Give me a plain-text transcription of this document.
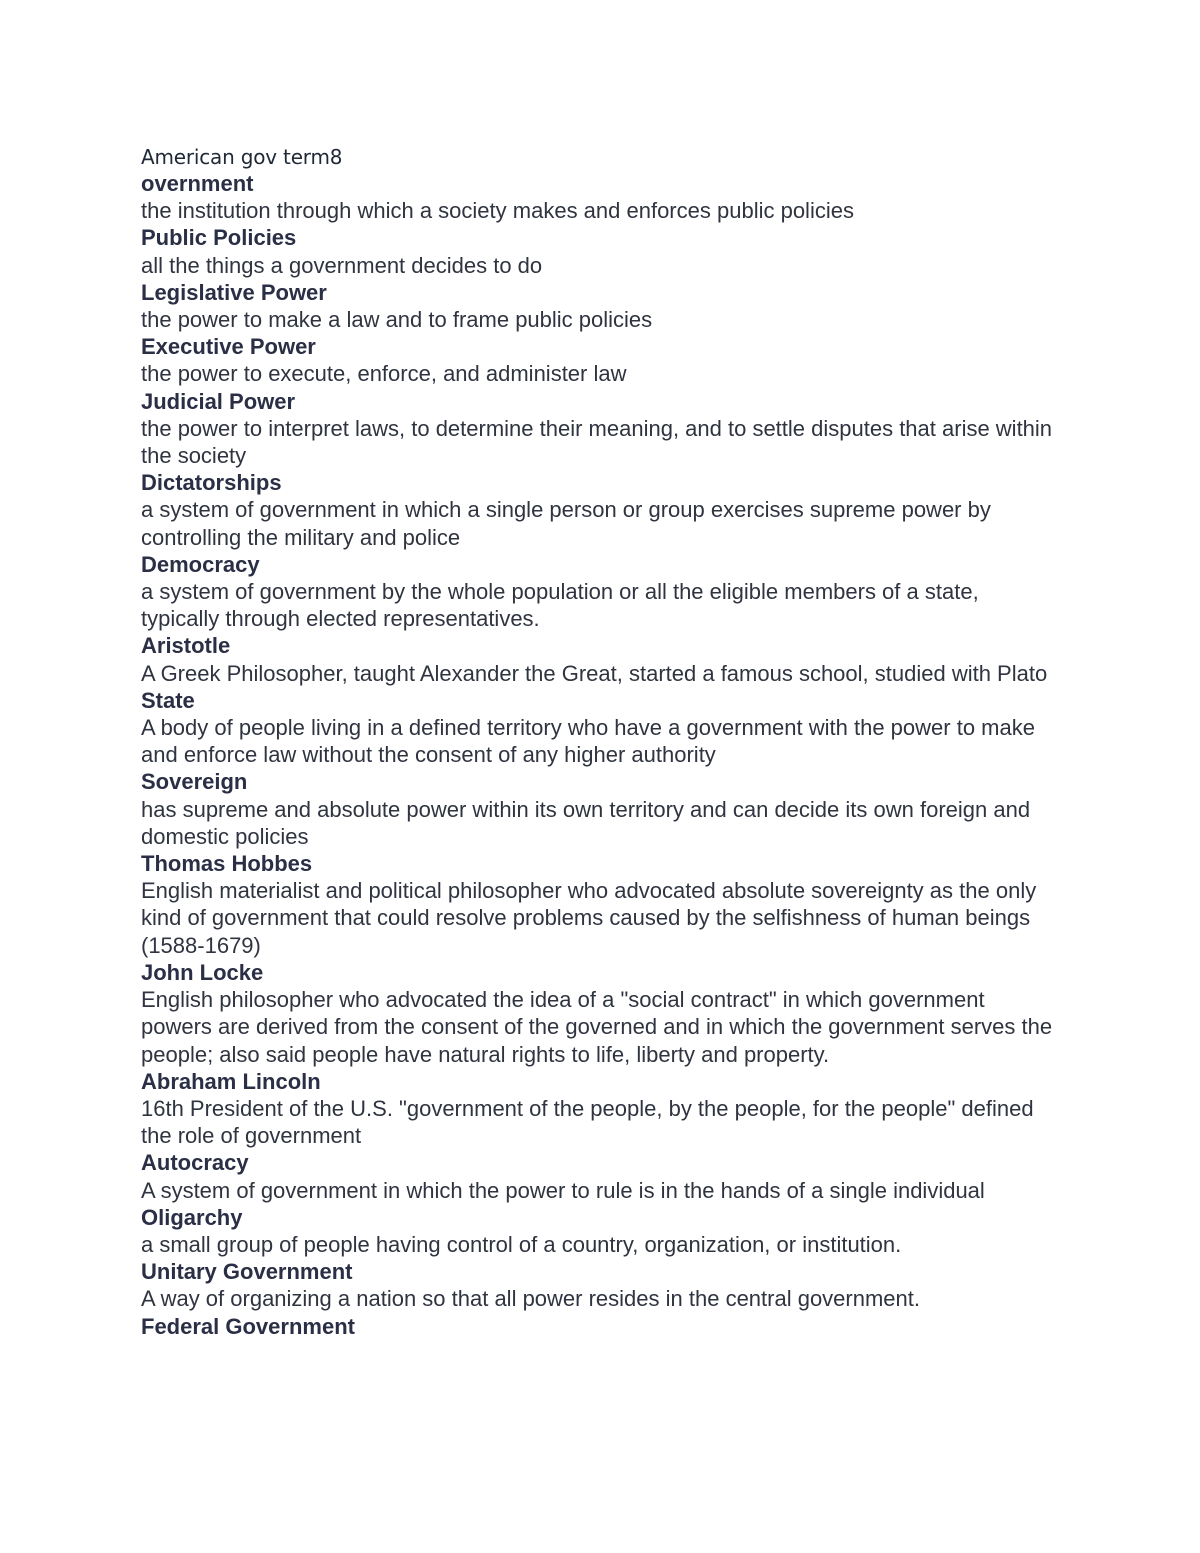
American gov term8

overnment

the institution through which a society makes and enforces public policies

Public Policies

all the things a government decides to do

Legislative Power

the power to make a law and to frame public policies

Executive Power

the power to execute, enforce, and administer law

Judicial Power

the power to interpret laws, to determine their meaning, and to settle disputes that arise within the society

Dictatorships

a system of government in which a single person or group exercises supreme power by controlling the military and police

Democracy

a system of government by the whole population or all the eligible members of a state, typically through elected representatives.

Aristotle

A Greek Philosopher, taught Alexander the Great, started a famous school, studied with Plato

State

A body of people living in a defined territory who have a government with the power to make and enforce law without the consent of any higher authority

Sovereign

has supreme and absolute power within its own territory and can decide its own foreign and domestic policies

Thomas Hobbes

English materialist and political philosopher who advocated absolute sovereignty as the only kind of government that could resolve problems caused by the selfishness of human beings (1588-1679)

John Locke

English philosopher who advocated the idea of a "social contract" in which government powers are derived from the consent of the governed and in which the government serves the people; also said people have natural rights to life, liberty and property.

Abraham Lincoln

16th President of the U.S. "government of the people, by the people, for the people" defined the role of government

Autocracy

A system of government in which the power to rule is in the hands of a single individual

Oligarchy

a small group of people having control of a country, organization, or institution.

Unitary Government

A way of organizing a nation so that all power resides in the central government.

Federal Government
